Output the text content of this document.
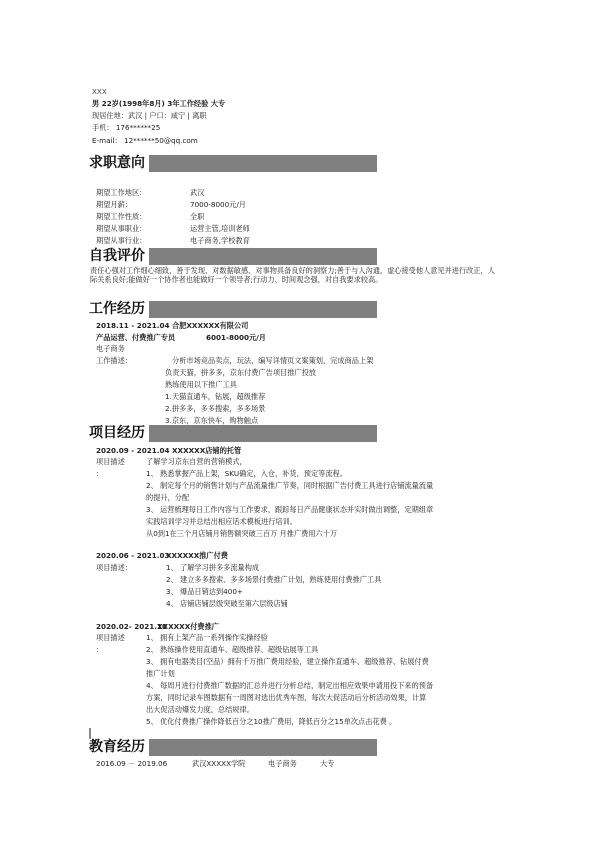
XXX
男 22岁(1998年8月) 3年工作经验 大专
现居住地：武汉 | 户口：咸宁 | 离职
手机： 176******25
E-mail： 12******50@qq.com
求职意向
期望工作地区：	武汉
期望月薪：	7000-8000元/月
期望工作性质：	全职
期望从事职业：	运营主管,培训老师
期望从事行业：	电子商务,学校教育
自我评价
责任心强对工作细心细致，善于发现、对数据敏感、对事物具备良好的洞察力;善于与人沟通，虚心接受他人意见并进行改正，人际关系良好;能做好一个协作者也能做好一个领导者;行动力、时间观念强，对自我要求较高。
工作经历
2018.11 - 2021.04 合肥XXXXXX有限公司
产品运营、付费推广专员	6001-8000元/月
电子商务
工作描述：	分析市场竞品卖点，玩法，编写详情页文案策划，完成商品上架
负责天猫，拼多多，京东付费广告项目推广投放
熟练使用以下推广工具
1.天猫直通车，钻展，超级推荐
2.拼多多，多多搜索，多多场景
3.京东，京东快车，购物触点
项目经历
2020.09 - 2021.04 XXXXXX店铺的托管
项目描述
：
了解学习京东自营的营销模式，
1、 熟悉掌握产品上架，SKU确定，入仓，补货，预定等流程。
2、 制定每个月的销售计划与产品流量推广节奏，同时根据广告付费工具进行店铺流量流量
的提升，分配
3、 运营梳理每日工作内容与工作要求，跟踪每日产品健康状态并实时做出调整，定期组章
实践培训学习并总结出相应话术模板进行培训。
从0到1在三个月店铺月销售额突破三百万 月推广费用六十万
2020.06 - 2021.03
XXXXXX推广付费
项目描述：	1、 了解学习拼多多流量构成
2、 建立多多搜索、多多场景付费推广计划，熟练使用付费推广工具
3、 爆品日销达到400+
4、 店铺店铺层级突破至第六层级店铺
2020.02- 2021.10
XXXXXX付费推广
项目描述
：
1、 拥有上架产品一系列操作实操经验
2、 熟练操作使用直通车、超级推荐、超级钻展等工具
3、 拥有电器类目(空品）拥有千万推广费用经验，建立操作直通车、超级推荐、钻展付费
推广计划
4、 每周月进行付费推广数据的汇总并进行分析总结，制定出相应效果申请用投下来的预备
方案，同时记录车图数据有一周图对选出优秀车图，每次大促活动后分析活动效果，计算
出大促活动爆发力度，总结规律。
5、 优化付费推广操作降低百分之10推广费用，降低百分之15单次点击花费 。
教育经历
2016.09 － 2019.06	武汉XXXXX学院	电子商务	大专
